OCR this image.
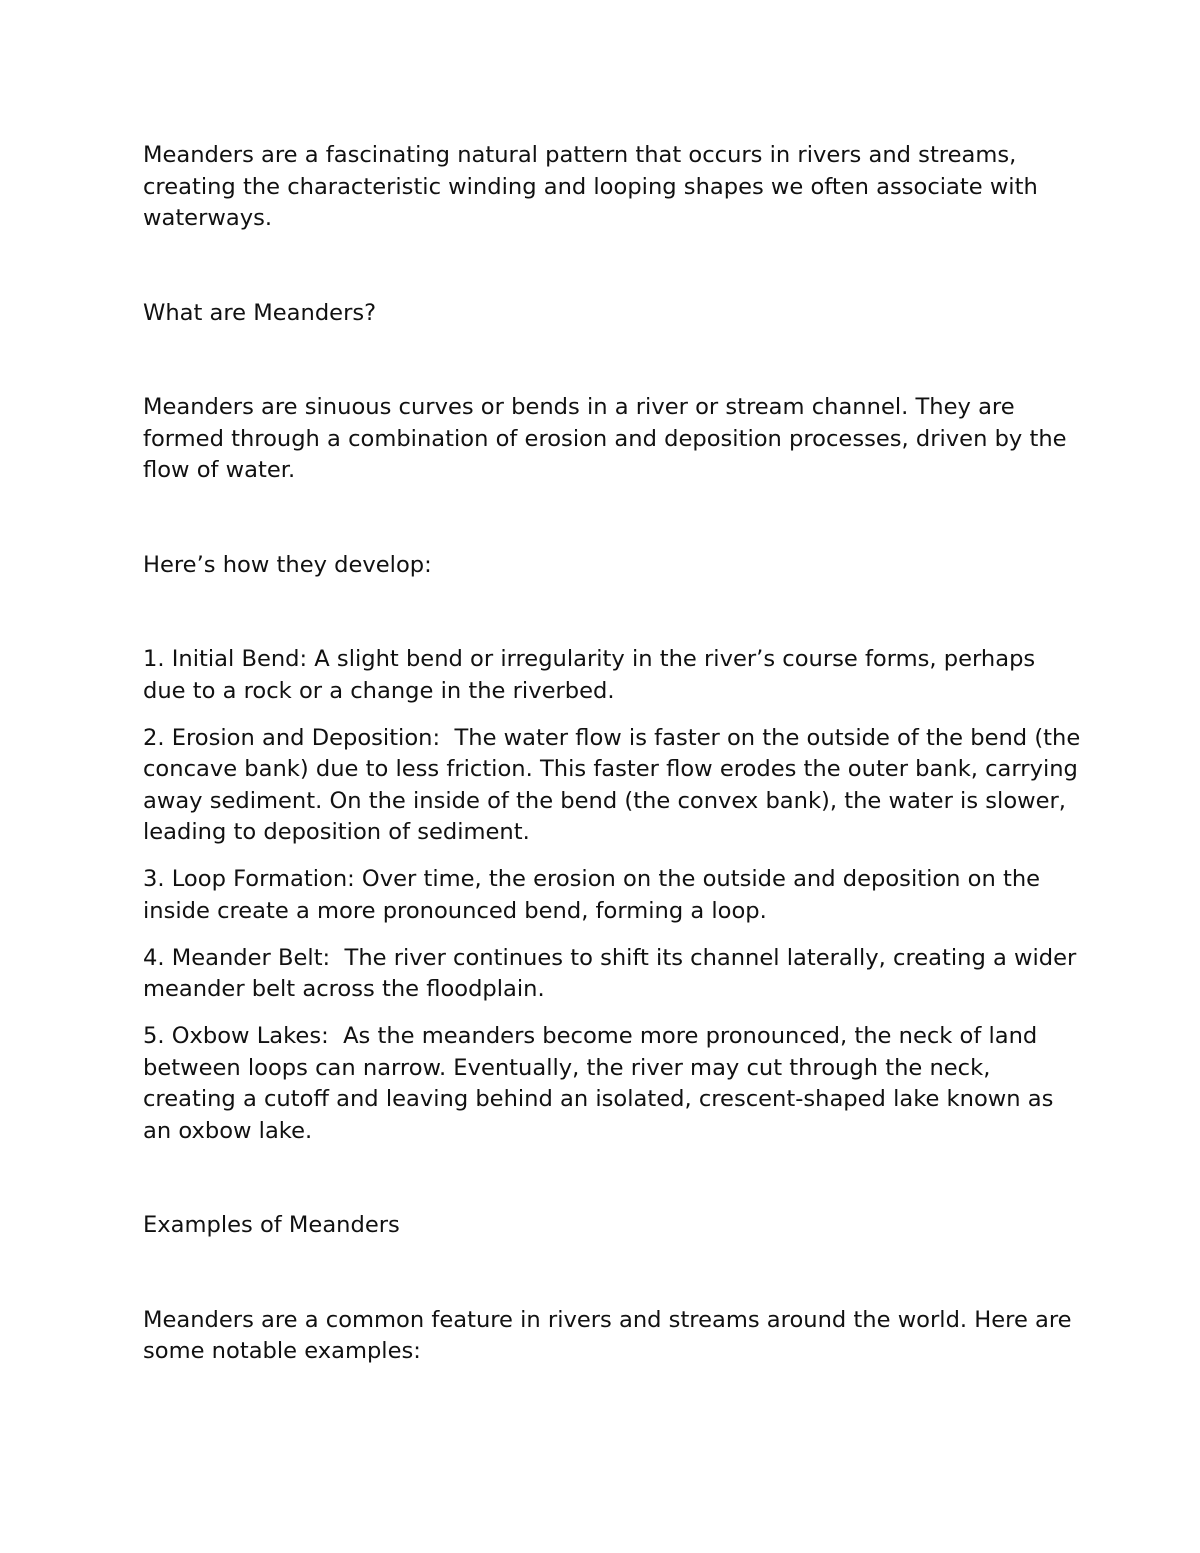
Meanders are a fascinating natural pattern that occurs in rivers and streams, creating the characteristic winding and looping shapes we often associate with waterways.

What are Meanders?

Meanders are sinuous curves or bends in a river or stream channel. They are formed through a combination of erosion and deposition processes, driven by the flow of water.

Here’s how they develop:

1. Initial Bend: A slight bend or irregularity in the river’s course forms, perhaps due to a rock or a change in the riverbed.

2. Erosion and Deposition:  The water flow is faster on the outside of the bend (the concave bank) due to less friction. This faster flow erodes the outer bank, carrying away sediment. On the inside of the bend (the convex bank), the water is slower, leading to deposition of sediment.

3. Loop Formation: Over time, the erosion on the outside and deposition on the inside create a more pronounced bend, forming a loop.

4. Meander Belt:  The river continues to shift its channel laterally, creating a wider meander belt across the floodplain.

5. Oxbow Lakes:  As the meanders become more pronounced, the neck of land between loops can narrow. Eventually, the river may cut through the neck, creating a cutoff and leaving behind an isolated, crescent-shaped lake known as an oxbow lake.

Examples of Meanders

Meanders are a common feature in rivers and streams around the world. Here are some notable examples:
